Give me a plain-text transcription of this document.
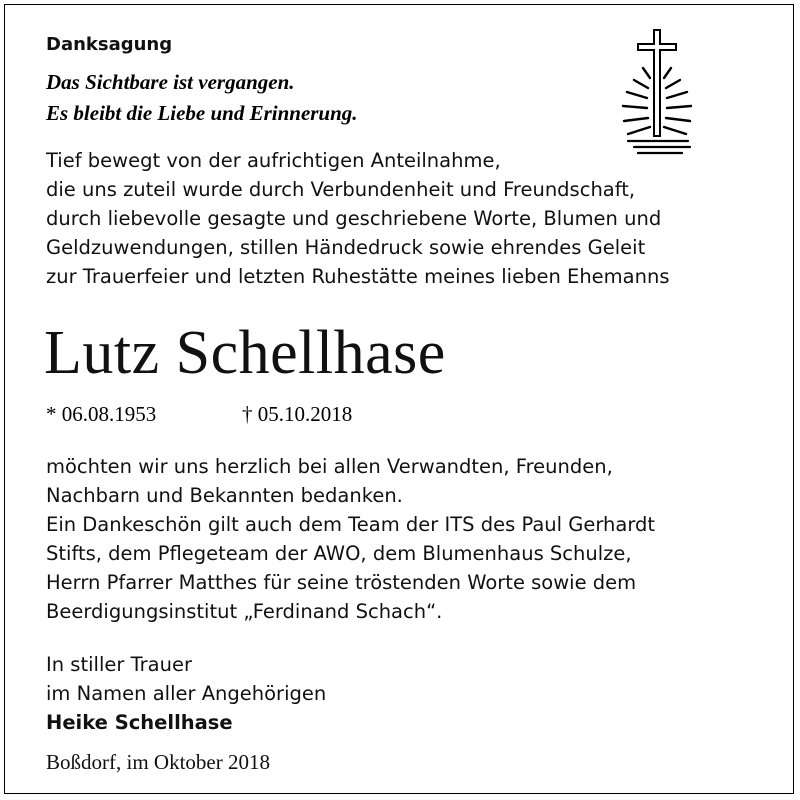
Danksagung
Das Sichtbare ist vergangen.
Es bleibt die Liebe und Erinnerung.
Tief bewegt von der aufrichtigen Anteilnahme,
die uns zuteil wurde durch Verbundenheit und Freundschaft,
durch liebevolle gesagte und geschriebene Worte, Blumen und
Geldzuwendungen, stillen Händedruck sowie ehrendes Geleit
zur Trauerfeier und letzten Ruhestätte meines lieben Ehemanns
Lutz Schellhase
* 06.08.1953	† 05.10.2018
möchten wir uns herzlich bei allen Verwandten, Freunden,
Nachbarn und Bekannten bedanken.
Ein Dankeschön gilt auch dem Team der ITS des Paul Gerhardt
Stifts, dem Pflegeteam der AWO, dem Blumenhaus Schulze,
Herrn Pfarrer Matthes für seine tröstenden Worte sowie dem
Beerdigungsinstitut „Ferdinand Schach“.
In stiller Trauer
im Namen aller Angehörigen
Heike Schellhase
Boßdorf, im Oktober 2018
